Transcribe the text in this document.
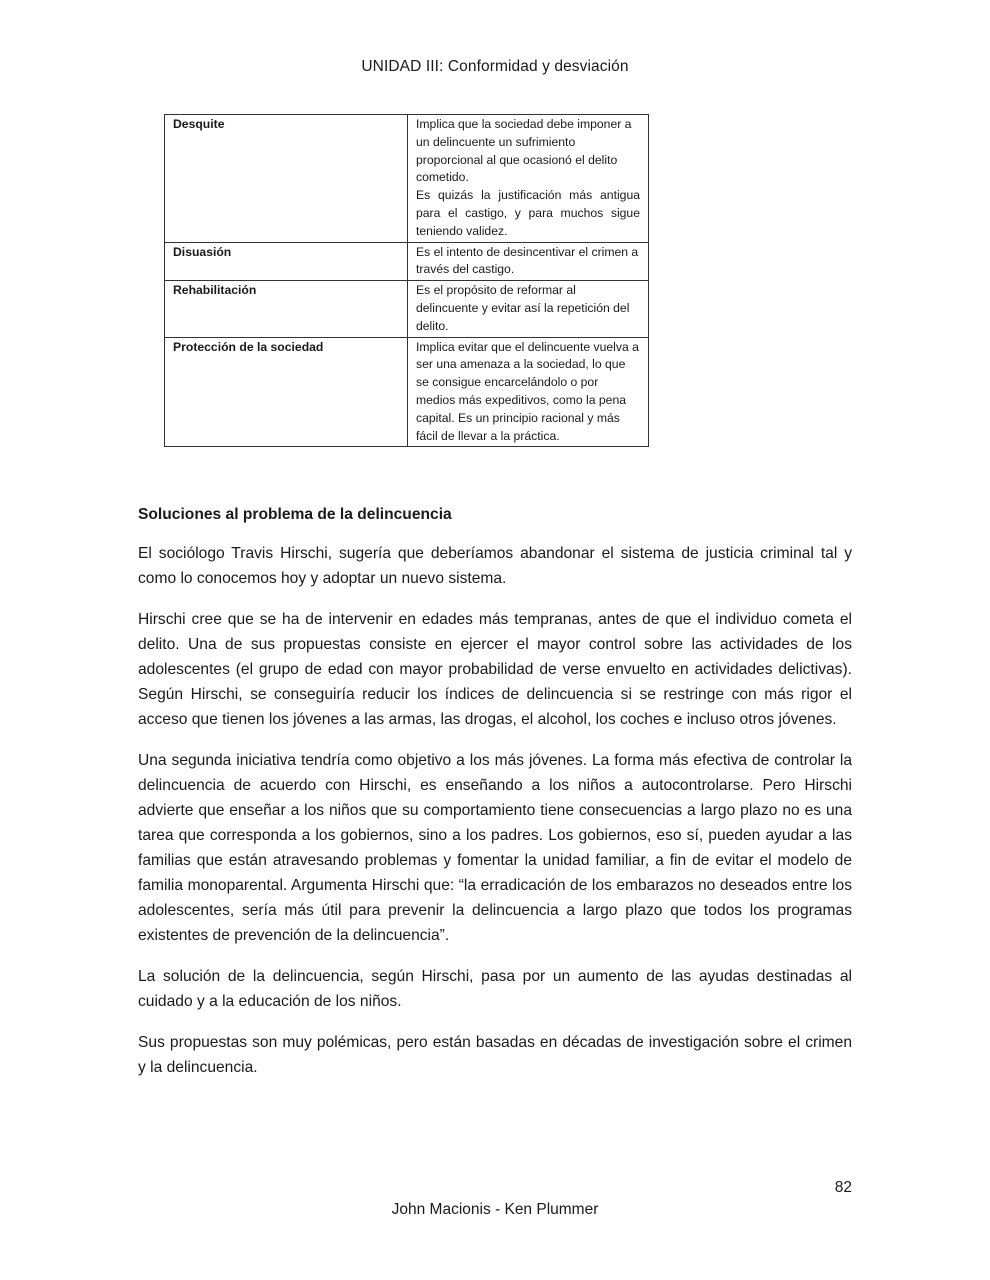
UNIDAD III: Conformidad y desviación
Desquite	Implica que la sociedad debe imponer a un delincuente un sufrimiento proporcional al que ocasionó el delito cometido.

Es quizás la justificación más antigua para el castigo, y para muchos sigue teniendo validez.

Disuasión	Es el intento de desincentivar el crimen a través del castigo.

Rehabilitación	Es el propósito de reformar al delincuente y evitar así la repetición del delito.

Protección de la sociedad	Implica evitar que el delincuente vuelva a ser una amenaza a la sociedad, lo que se consigue encarcelándolo o por medios más expeditivos, como la pena capital. Es un principio racional y más fácil de llevar a la práctica.

Soluciones al problema de la delincuencia

El sociólogo Travis Hirschi, sugería que deberíamos abandonar el sistema de justicia criminal tal y como lo conocemos hoy y adoptar un nuevo sistema.

Hirschi cree que se ha de intervenir en edades más tempranas, antes de que el individuo cometa el delito. Una de sus propuestas consiste en ejercer el mayor control sobre las actividades de los adolescentes (el grupo de edad con mayor probabilidad de verse envuelto en actividades delictivas). Según Hirschi, se conseguiría reducir los índices de delincuencia si se restringe con más rigor el acceso que tienen los jóvenes a las armas, las drogas, el alcohol, los coches e incluso otros jóvenes.

Una segunda iniciativa tendría como objetivo a los más jóvenes. La forma más efectiva de controlar la delincuencia de acuerdo con Hirschi, es enseñando a los niños a autocontrolarse. Pero Hirschi advierte que enseñar a los niños que su comportamiento tiene consecuencias a largo plazo no es una tarea que corresponda a los gobiernos, sino a los padres. Los gobiernos, eso sí, pueden ayudar a las familias que están atravesando problemas y fomentar la unidad familiar, a fin de evitar el modelo de familia monoparental. Argumenta Hirschi que: “la erradicación de los embarazos no deseados entre los adolescentes, sería más útil para prevenir la delincuencia a largo plazo que todos los programas existentes de prevención de la delincuencia”.

La solución de la delincuencia, según Hirschi, pasa por un aumento de las ayudas destinadas al cuidado y a la educación de los niños.

Sus propuestas son muy polémicas, pero están basadas en décadas de investigación sobre el crimen y la delincuencia.

82
John Macionis - Ken Plummer
